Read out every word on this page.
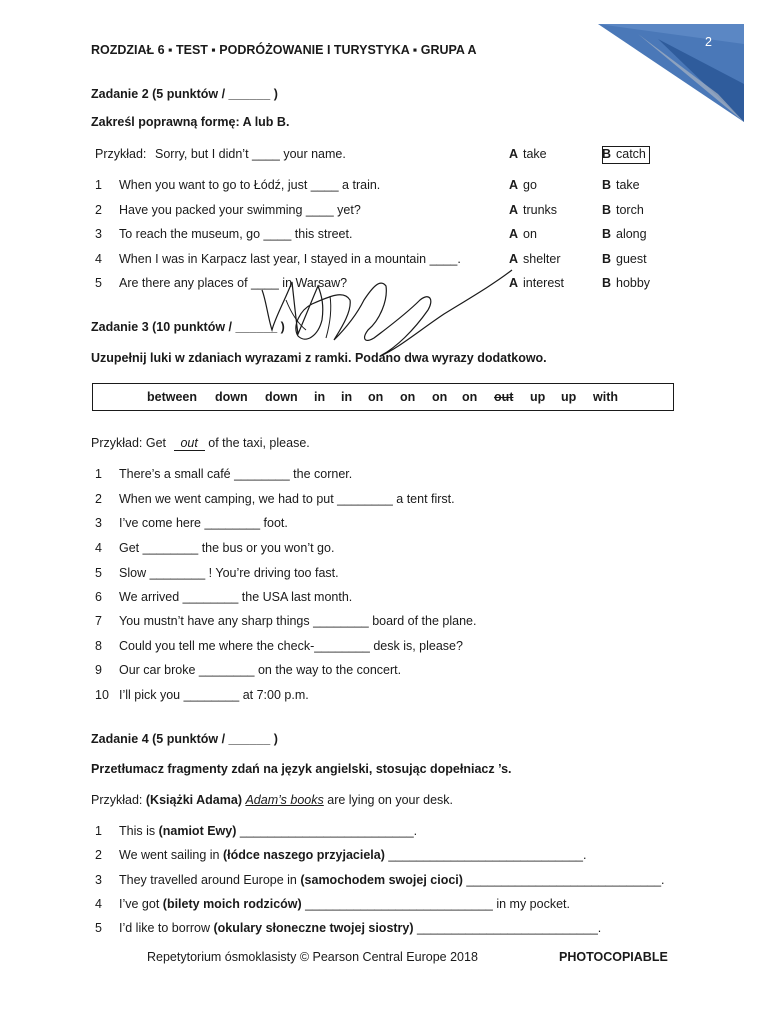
2
ROZDZIAŁ 6 ▪ TEST ▪ PODRÓŻOWANIE I TURYSTYKA ▪ GRUPA A
Zadanie 2 (5 punktów / ______ )
Zakreśl poprawną formę: A lub B.
Przykład: Sorry, but I didn’t ____ your name.	A take	B catch
1 When you want to go to Łódź, just ____ a train.	A go	B take
2 Have you packed your swimming ____ yet?	A trunks	B torch
3 To reach the museum, go ____ this street.	A on	B along
4 When I was in Karpacz last year, I stayed in a mountain ____.	A shelter	B guest
5 Are there any places of ____ in Warsaw?	A interest	B hobby
Zadanie 3 (10 punktów / ______ )
Uzupełnij luki w zdaniach wyrazami z ramki. Podano dwa wyrazy dodatkowo.
between down down in in on on on on out up up with
Przykład: Get   out   of the taxi, please.
1 There’s a small café ________ the corner.
2 When we went camping, we had to put ________ a tent first.
3 I’ve come here ________ foot.
4 Get ________ the bus or you won’t go.
5 Slow ________ ! You’re driving too fast.
6 We arrived ________ the USA last month.
7 You mustn’t have any sharp things ________ board of the plane.
8 Could you tell me where the check-________ desk is, please?
9 Our car broke ________ on the way to the concert.
10 I’ll pick you ________ at 7:00 p.m.
Zadanie 4 (5 punktów / ______ )
Przetłumacz fragmenty zdań na język angielski, stosując dopełniacz ’s.
Przykład: (Książki Adama) Adam’s books are lying on your desk.
1 This is (namiot Ewy) _________________________.
2 We went sailing in (łódce naszego przyjaciela) ____________________________.
3 They travelled around Europe in (samochodem swojej cioci) ____________________________.
4 I’ve got (bilety moich rodziców) ___________________________ in my pocket.
5 I’d like to borrow (okulary słoneczne twojej siostry) __________________________.
Repetytorium ósmoklasisty © Pearson Central Europe 2018	PHOTOCOPIABLE
